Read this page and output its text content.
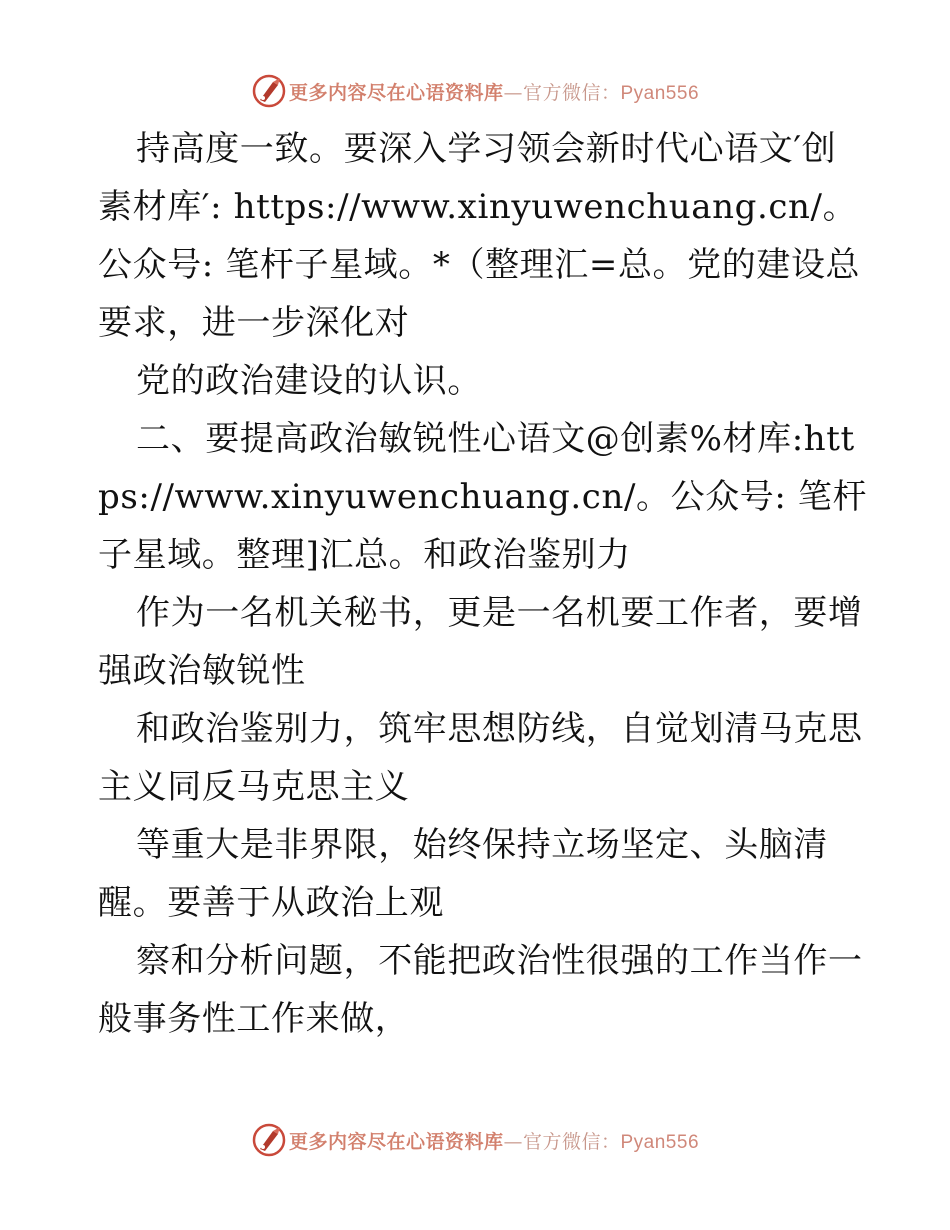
更多内容尽在心语资料库—官方微信：Pyan556

持高度一致。要深入学习领会新时代心语文′创素材库′: https://www.xinyuwenchuang.cn/。公众号: 笔杆子星域。*（整理汇=总。党的建设总要求，进一步深化对

党的政治建设的认识。

二、要提高政治敏锐性心语文@创素%材库:https://www.xinyuwenchuang.cn/。公众号: 笔杆子星域。整理]汇总。和政治鉴别力

作为一名机关秘书，更是一名机要工作者，要增强政治敏锐性

和政治鉴别力，筑牢思想防线，自觉划清马克思主义同反马克思主义

等重大是非界限，始终保持立场坚定、头脑清醒。要善于从政治上观

察和分析问题，不能把政治性很强的工作当作一般事务性工作来做，

更多内容尽在心语资料库—官方微信：Pyan556
